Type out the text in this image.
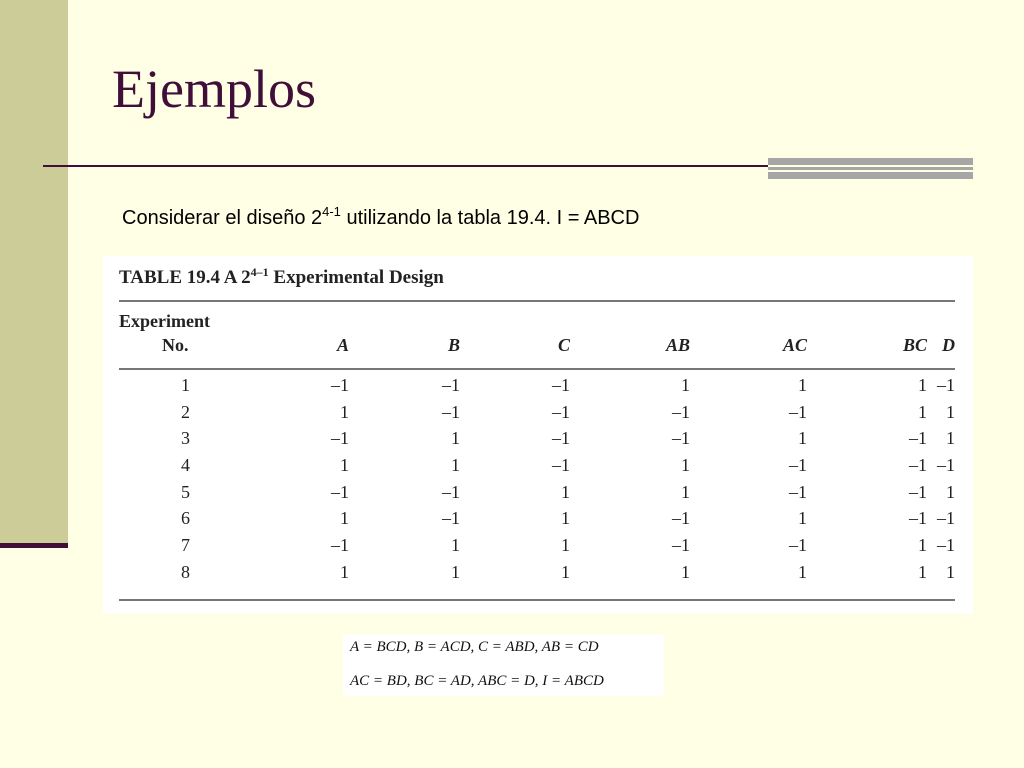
Ejemplos
Considerar el diseño 2$^{4-1}$ utilizando la tabla 19.4. I = ABCD
TABLE 19.4 A 2$^{4-1}$ Experimental Design
Experiment
No.	A	B	C	AB	AC	BC D
1	–1	–1	–1	1	1	1 –1
2	1	–1	–1	–1	–1	1 1
3	–1	1	–1	–1	1	–1 1
4	1	1	–1	1	–1	–1 –1
5	–1	–1	1	1	–1	–1 1
6	1	–1	1	–1	1	–1 –1
7	–1	1	1	–1	–1	1 –1
8	1	1	1	1	1	1 1
A = BCD, B = ACD, C = ABD, AB = CD
AC = BD, BC = AD, ABC = D, I = ABCD
